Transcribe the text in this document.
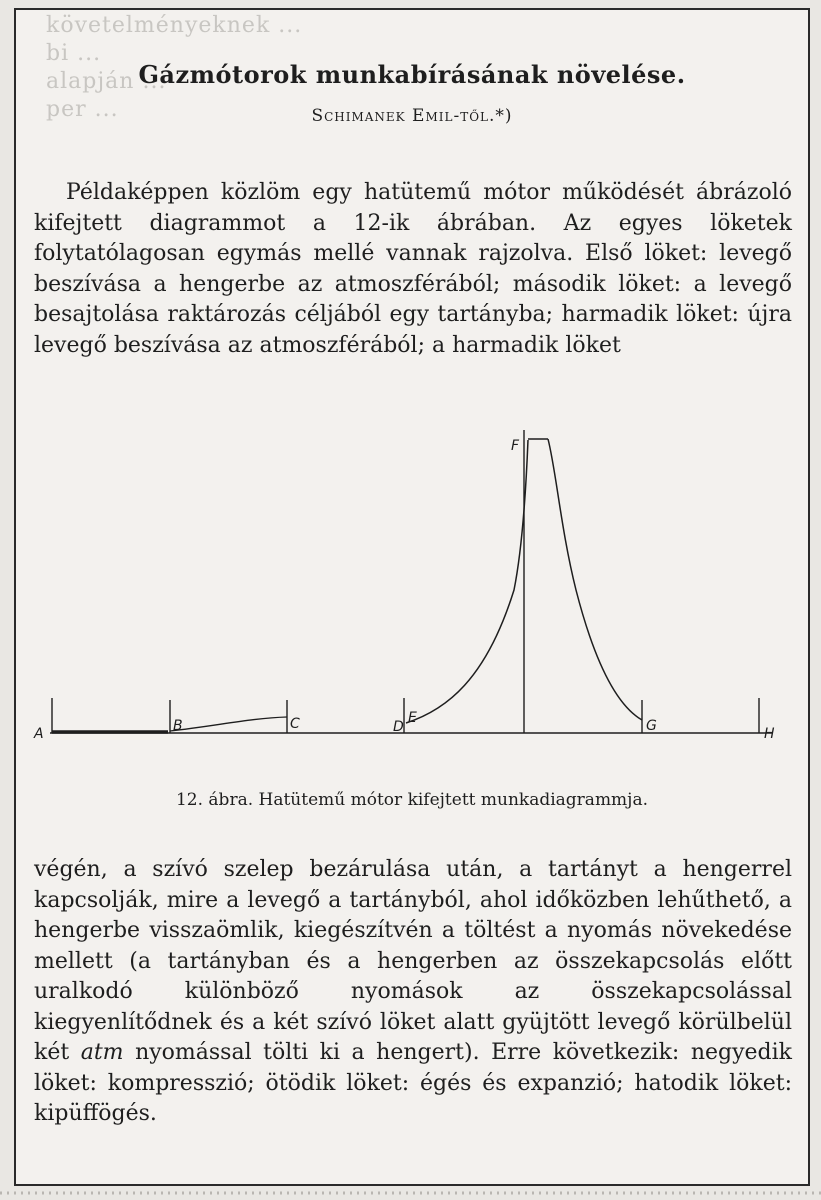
követelményeknek ...
bi ...
alapján ...
per ...
Gázmótorok munkabírásának növelése.
Schimanek Emil-től.*)

Példaképpen közlöm egy hatütemű mótor működését ábrázoló kifejtett diagrammot a 12-ik ábrában. Az egyes löketek folytatólagosan egymás mellé vannak rajzolva. Első löket: levegő beszívása a hengerbe az atmoszférából; második löket: a levegő besajtolása raktározás céljából egy tartányba; harmadik löket: újra levegő beszívása az atmoszférából; a harmadik löket

A	B	C	D
E
F
G	H
12. ábra. Hatütemű mótor kifejtett munkadiagrammja.

végén, a szívó szelep bezárulása után, a tartányt a hengerrel kapcsolják, mire a levegő a tartányból, ahol időközben lehűthető, a hengerbe visszaömlik, kiegészítvén a töltést a nyomás növekedése mellett (a tartányban és a hengerben az összekapcsolás előtt uralkodó különböző nyomások az összekapcsolással kiegyenlítődnek és a két szívó löket alatt gyüjtött levegő körülbelül két atm nyomással tölti ki a hengert). Erre következik: negyedik löket: kompresszió; ötödik löket: égés és expanzió; hatodik löket: kipüffögés.
